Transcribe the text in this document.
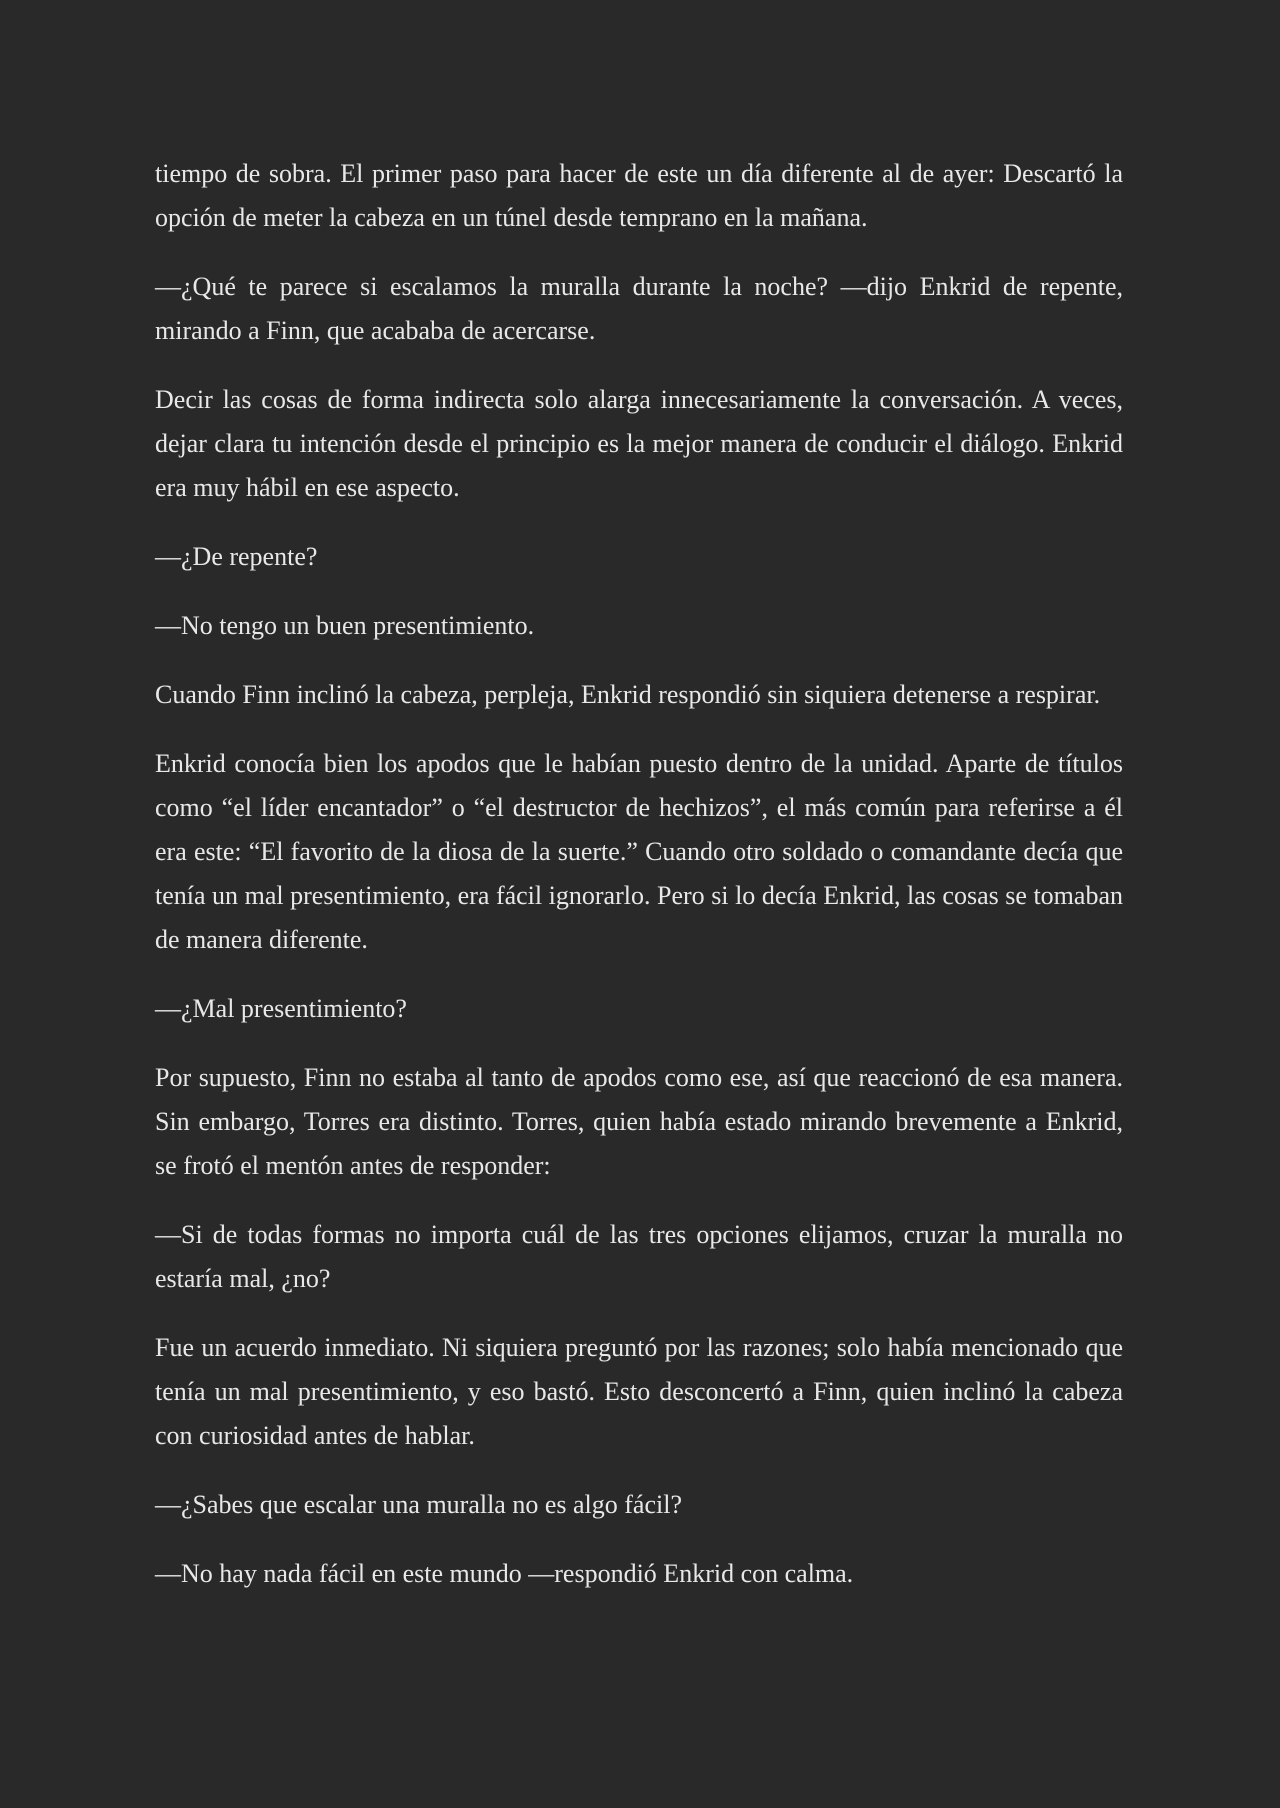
tiempo de sobra. El primer paso para hacer de este un día diferente al de ayer: Descartó la opción de meter la cabeza en un túnel desde temprano en la mañana.

—¿Qué te parece si escalamos la muralla durante la noche? —dijo Enkrid de repente, mirando a Finn, que acababa de acercarse.

Decir las cosas de forma indirecta solo alarga innecesariamente la conversación. A veces, dejar clara tu intención desde el principio es la mejor manera de conducir el diálogo. Enkrid era muy hábil en ese aspecto.

—¿De repente?

—No tengo un buen presentimiento.

Cuando Finn inclinó la cabeza, perpleja, Enkrid respondió sin siquiera detenerse a respirar.

Enkrid conocía bien los apodos que le habían puesto dentro de la unidad. Aparte de títulos como “el líder encantador” o “el destructor de hechizos”, el más común para referirse a él era este: “El favorito de la diosa de la suerte.” Cuando otro soldado o comandante decía que tenía un mal presentimiento, era fácil ignorarlo. Pero si lo decía Enkrid, las cosas se tomaban de manera diferente.

—¿Mal presentimiento?

Por supuesto, Finn no estaba al tanto de apodos como ese, así que reaccionó de esa manera. Sin embargo, Torres era distinto. Torres, quien había estado mirando brevemente a Enkrid, se frotó el mentón antes de responder:

—Si de todas formas no importa cuál de las tres opciones elijamos, cruzar la muralla no estaría mal, ¿no?

Fue un acuerdo inmediato. Ni siquiera preguntó por las razones; solo había mencionado que tenía un mal presentimiento, y eso bastó. Esto desconcertó a Finn, quien inclinó la cabeza con curiosidad antes de hablar.

—¿Sabes que escalar una muralla no es algo fácil?

—No hay nada fácil en este mundo —respondió Enkrid con calma.
